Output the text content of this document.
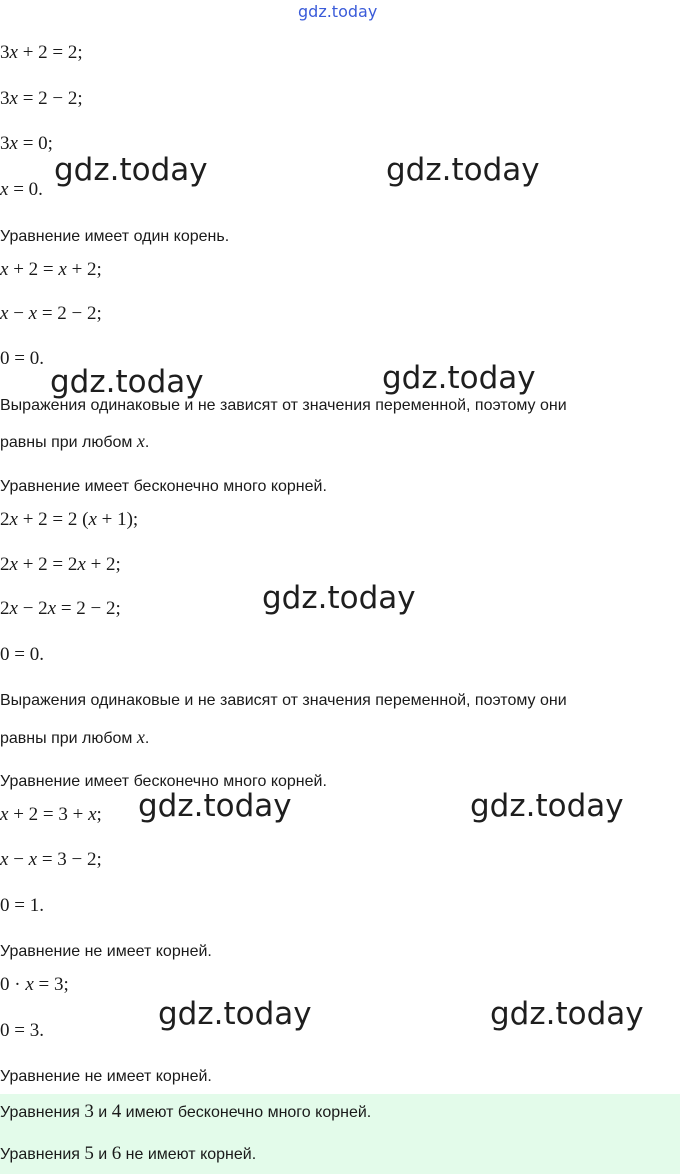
gdz.today
3x + 2 = 2;
3x = 2 − 2;
3x = 0;
x = 0.
Уравнение имеет один корень.
x + 2 = x + 2;
x − x = 2 − 2;
0 = 0.
Выражения одинаковые и не зависят от значения переменной, поэтому они
равны при любом x.
Уравнение имеет бесконечно много корней.
2x + 2 = 2 (x + 1);
2x + 2 = 2x + 2;
2x − 2x = 2 − 2;
0 = 0.
Выражения одинаковые и не зависят от значения переменной, поэтому они
равны при любом x.
Уравнение имеет бесконечно много корней.
x + 2 = 3 + x;
x − x = 3 − 2;
0 = 1.
Уравнение не имеет корней.
0 · x = 3;
0 = 3.
Уравнение не имеет корней.
Уравнения 3 и 4 имеют бесконечно много корней.
Уравнения 5 и 6 не имеют корней.
gdz.today	gdz.today
gdz.today	gdz.today
gdz.today
gdz.today	gdz.today
gdz.today	gdz.today
